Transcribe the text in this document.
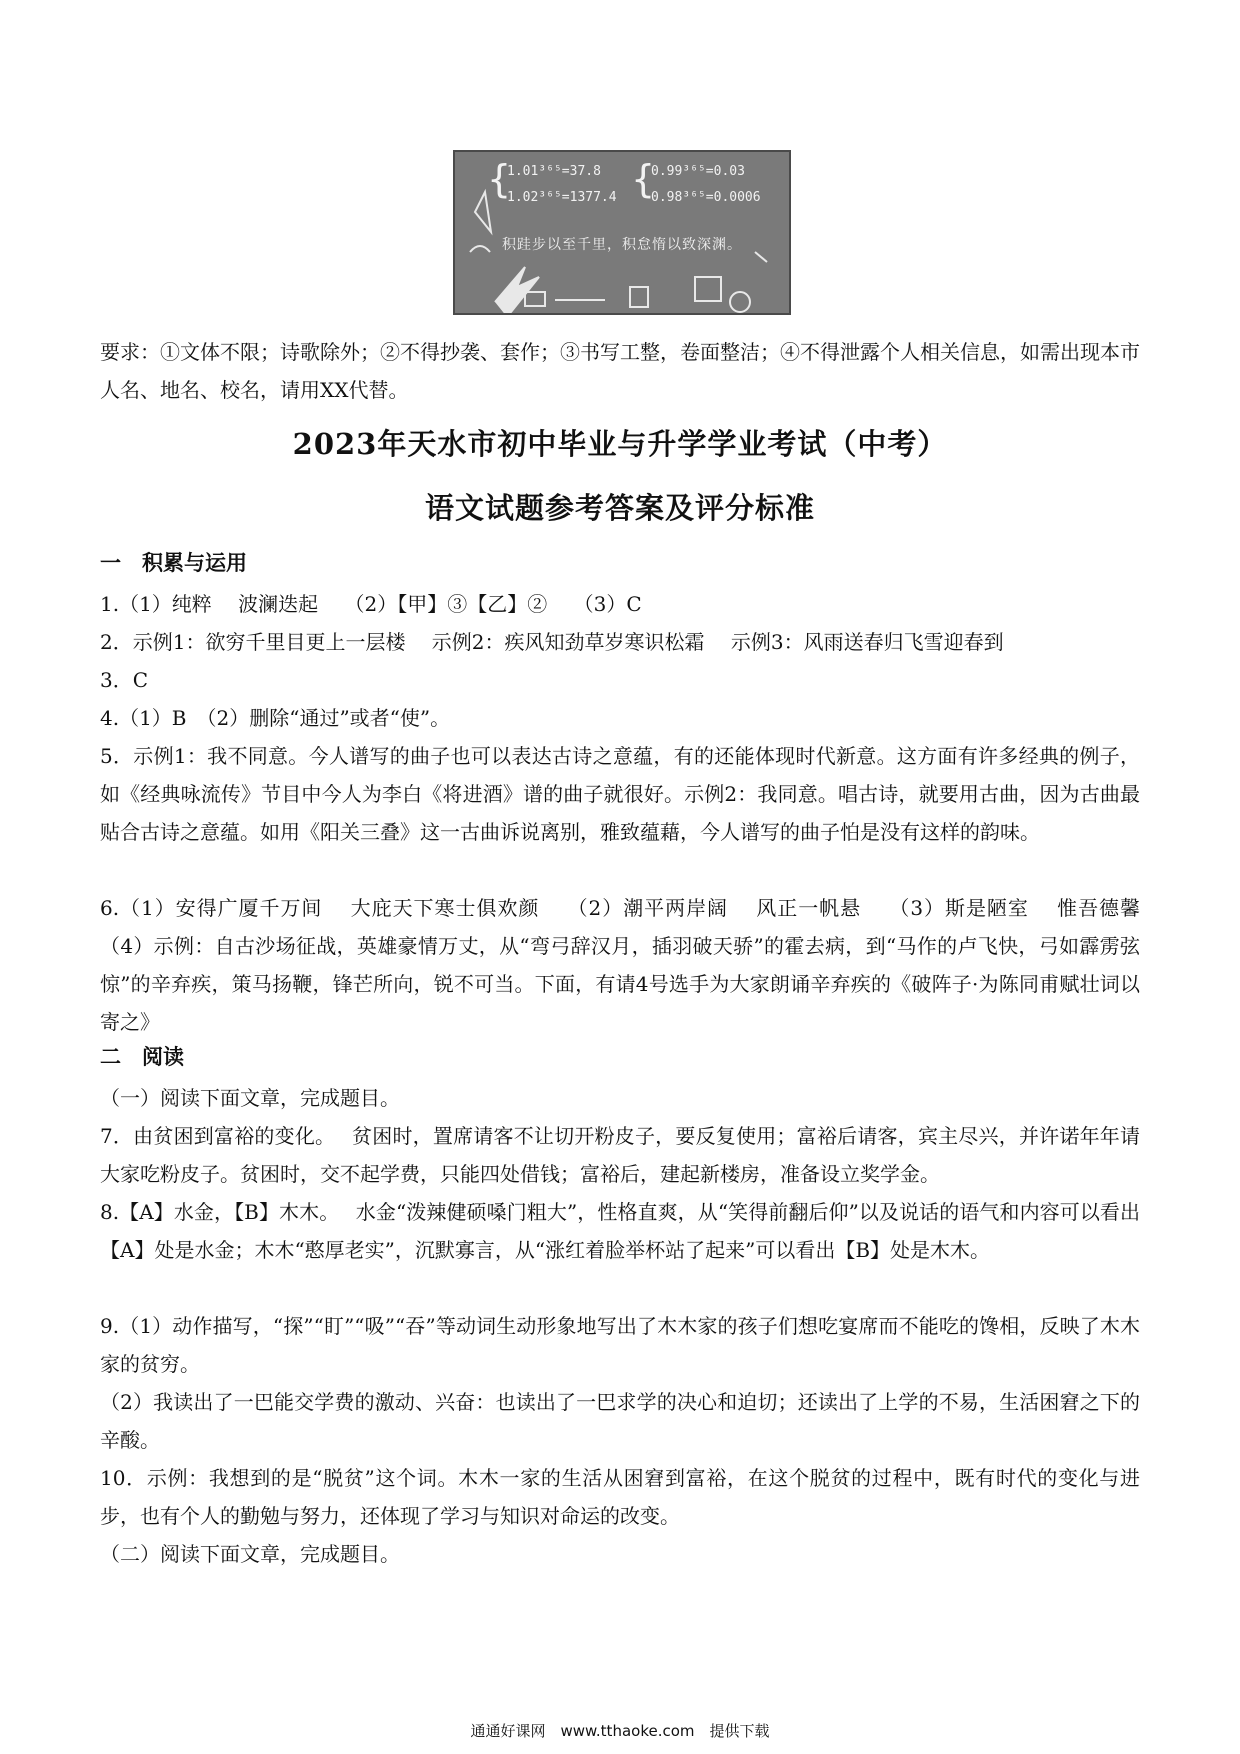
{
1.01³⁶⁵=37.8
1.02³⁶⁵=1377.4 {
0.99³⁶⁵=0.03
0.98³⁶⁵=0.0006
积跬步以至千里，积怠惰以致深渊。
要求：①文体不限；诗歌除外；②不得抄袭、套作；③书写工整，卷面整洁；④不得泄露个人相关信息，如需出现本市人名、地名、校名，请用XX代替。
2023年天水市初中毕业与升学学业考试（中考）
语文试题参考答案及评分标准
一　积累与运用
1.（1）纯粹　 波澜迭起　 （2）【甲】③【乙】②　 （3）C
2．示例1：欲穷千里目更上一层楼　 示例2：疾风知劲草岁寒识松霜　 示例3：风雨送春归飞雪迎春到
3．C
4.（1）B　（2）删除“通过”或者“使”。
5．示例1：我不同意。今人谱写的曲子也可以表达古诗之意蕴，有的还能体现时代新意。这方面有许多经典的例子，如《经典咏流传》节目中今人为李白《将进酒》谱的曲子就很好。示例2：我同意。唱古诗，就要用古曲，因为古曲最贴合古诗之意蕴。如用《阳关三叠》这一古曲诉说离别，雅致蕴藉，今人谱写的曲子怕是没有这样的韵味。
6.（1）安得广厦千万间　 大庇天下寒士俱欢颜　 （2）潮平两岸阔　 风正一帆悬　 （3）斯是陋室　 惟吾德馨　 （4）示例：自古沙场征战，英雄豪情万丈，从“弯弓辞汉月，插羽破天骄”的霍去病，到“马作的卢飞快，弓如霹雳弦惊”的辛弃疾，策马扬鞭，锋芒所向，锐不可当。下面，有请4号选手为大家朗诵辛弃疾的《破阵子·为陈同甫赋壮词以寄之》
二　阅读
（一）阅读下面文章，完成题目。
7．由贫困到富裕的变化。　 贫困时，置席请客不让切开粉皮子，要反复使用；富裕后请客，宾主尽兴，并许诺年年请大家吃粉皮子。贫困时，交不起学费，只能四处借钱；富裕后，建起新楼房，准备设立奖学金。
8.【A】水金，【B】木木。　 水金“泼辣健硕嗓门粗大”，性格直爽，从“笑得前翻后仰”以及说话的语气和内容可以看出【A】处是水金；木木“憨厚老实”，沉默寡言，从“涨红着脸举杯站了起来”可以看出【B】处是木木。
9.（1）动作描写，“探”“盯”“吸”“吞”等动词生动形象地写出了木木家的孩子们想吃宴席而不能吃的馋相，反映了木木家的贫穷。
（2）我读出了一巴能交学费的激动、兴奋：也读出了一巴求学的决心和迫切；还读出了上学的不易，生活困窘之下的辛酸。
10．示例：我想到的是“脱贫”这个词。木木一家的生活从困窘到富裕，在这个脱贫的过程中，既有时代的变化与进步，也有个人的勤勉与努力，还体现了学习与知识对命运的改变。
（二）阅读下面文章，完成题目。
通通好课网　www.tthaoke.com　提供下载
